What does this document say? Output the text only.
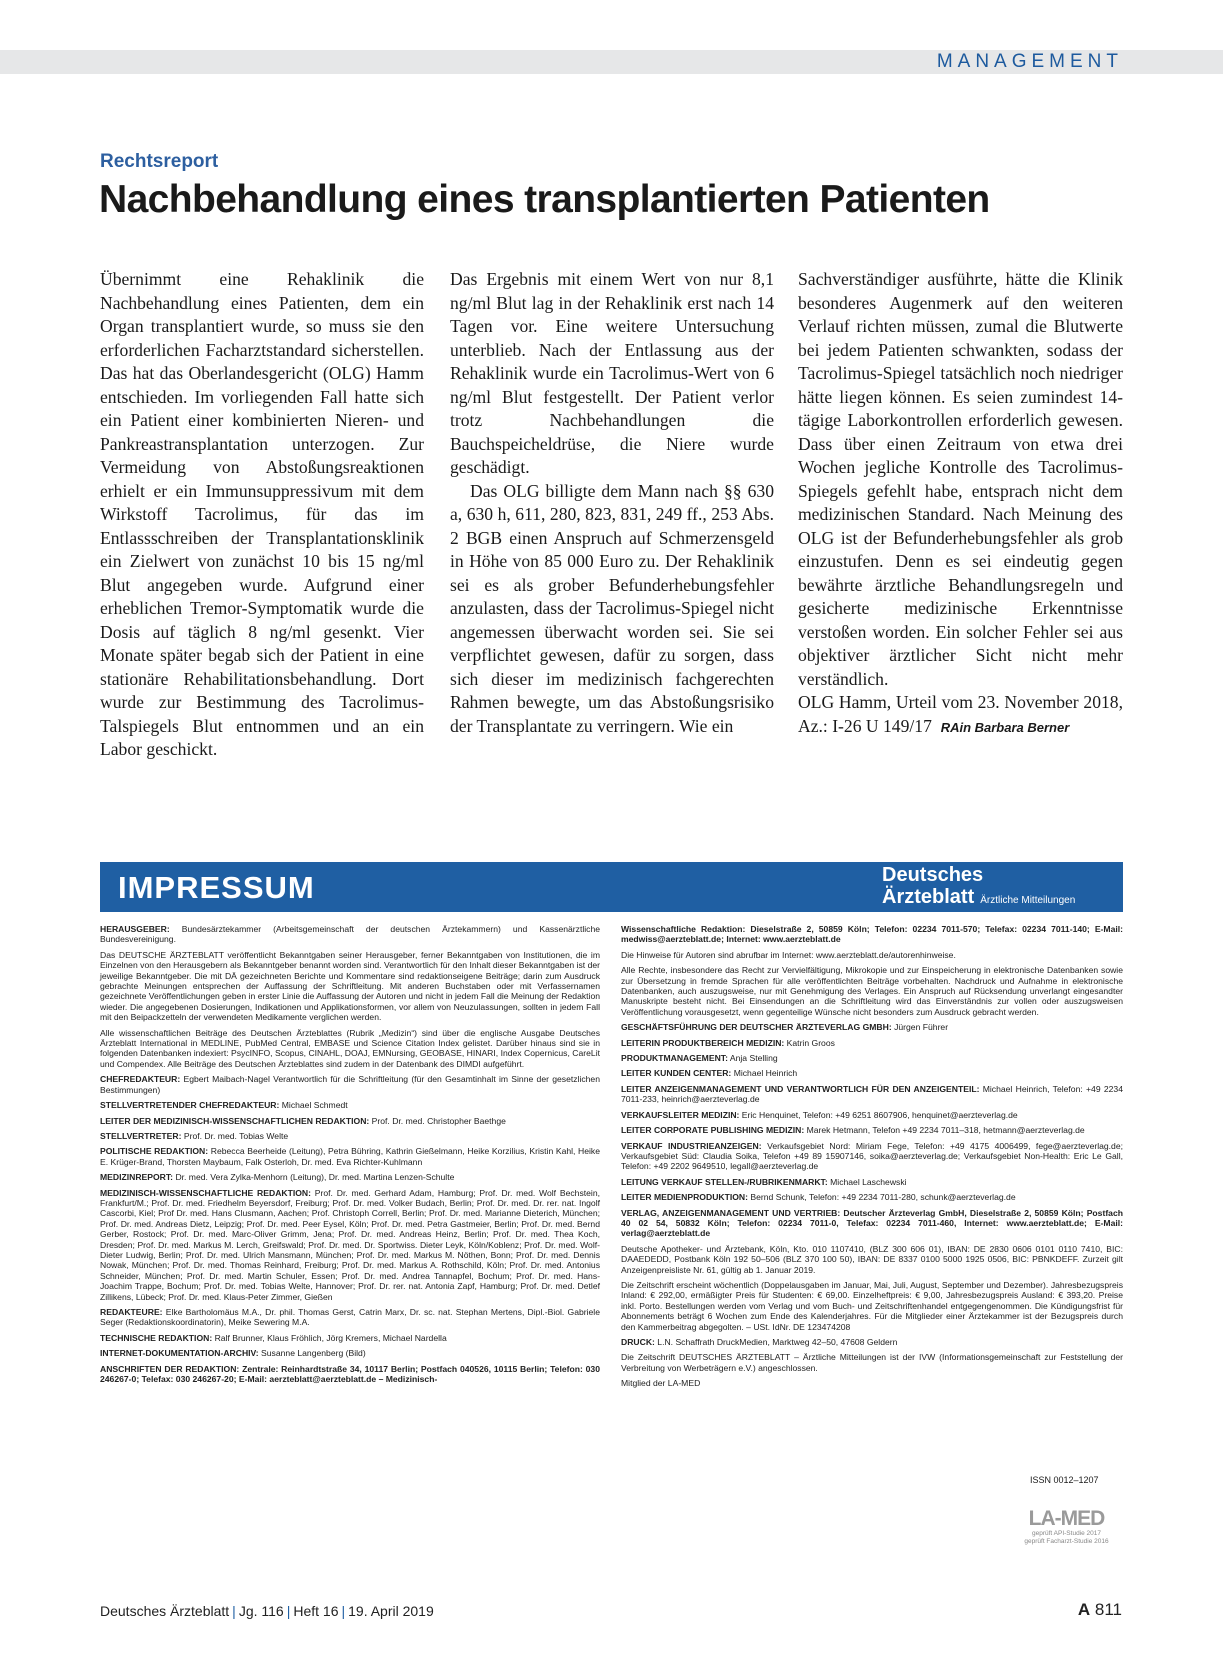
MANAGEMENT
Rechtsreport
Nachbehandlung eines transplantierten Patienten

Übernimmt eine Rehaklinik die Nachbehandlung eines Patienten, dem ein Organ transplantiert wurde, so muss sie den erforderlichen Facharztstandard sicherstellen. Das hat das Oberlandesgericht (OLG) Hamm entschieden. Im vorliegenden Fall hatte sich ein Patient einer kombinierten Nieren- und Pankreastransplantation unterzogen. Zur Vermeidung von Abstoßungsreaktionen erhielt er ein Immunsuppressivum mit dem Wirkstoff Tacrolimus, für das im Entlassschreiben der Transplantationsklinik ein Zielwert von zunächst 10 bis 15 ng/ml Blut angegeben wurde. Aufgrund einer erheblichen Tremor-Symptomatik wurde die Dosis auf täglich 8 ng/ml gesenkt. Vier Monate später begab sich der Patient in eine stationäre Rehabilitationsbehandlung. Dort wurde zur Bestimmung des Tacrolimus-Talspiegels Blut entnommen und an ein Labor geschickt.

Das Ergebnis mit einem Wert von nur 8,1 ng/ml Blut lag in der Rehaklinik erst nach 14 Tagen vor. Eine weitere Untersuchung unterblieb. Nach der Entlassung aus der Rehaklinik wurde ein Tacrolimus-Wert von 6 ng/ml Blut festgestellt. Der Patient verlor trotz Nachbehandlungen die Bauchspeicheldrüse, die Niere wurde geschädigt.

Das OLG billigte dem Mann nach §§ 630 a, 630 h, 611, 280, 823, 831, 249 ff., 253 Abs. 2 BGB einen Anspruch auf Schmerzensgeld in Höhe von 85 000 Euro zu. Der Rehaklinik sei es als grober Befunderhebungsfehler anzulasten, dass der Tacrolimus-Spiegel nicht angemessen überwacht worden sei. Sie sei verpflichtet gewesen, dafür zu sorgen, dass sich dieser im medizinisch fachgerechten Rahmen bewegte, um das Abstoßungsrisiko der Transplantate zu verringern. Wie ein

Sachverständiger ausführte, hätte die Klinik besonderes Augenmerk auf den weiteren Verlauf richten müssen, zumal die Blutwerte bei jedem Patienten schwankten, sodass der Tacrolimus-Spiegel tatsächlich noch niedriger hätte liegen können. Es seien zumindest 14-tägige Laborkontrollen erforderlich gewesen. Dass über einen Zeitraum von etwa drei Wochen jegliche Kontrolle des Tacrolimus-Spiegels gefehlt habe, entsprach nicht dem medizinischen Standard. Nach Meinung des OLG ist der Befunderhebungsfehler als grob einzustufen. Denn es sei eindeutig gegen bewährte ärztliche Behandlungsregeln und gesicherte medizinische Erkenntnisse verstoßen worden. Ein solcher Fehler sei aus objektiver ärztlicher Sicht nicht mehr verständlich.

OLG Hamm, Urteil vom 23. November 2018, Az.: I-26 U 149/17 RAin Barbara Berner

IMPRESSUM	Deutsches
Ärzteblatt Ärztliche Mitteilungen

HERAUSGEBER: Bundesärztekammer (Arbeitsgemeinschaft der deutschen Ärztekammern) und Kassenärztliche Bundesvereinigung.

Das DEUTSCHE ÄRZTEBLATT veröffentlicht Bekanntgaben seiner Herausgeber, ferner Bekanntgaben von Institutionen, die im Einzelnen von den Herausgebern als Bekanntgeber benannt worden sind. Verantwortlich für den Inhalt dieser Bekanntgaben ist der jeweilige Bekanntgeber. Die mit DÄ gezeichneten Berichte und Kommentare sind redaktionseigene Beiträge; darin zum Ausdruck gebrachte Meinungen entsprechen der Auffassung der Schriftleitung. Mit anderen Buchstaben oder mit Verfassernamen gezeichnete Veröffentlichungen geben in erster Linie die Auffassung der Autoren und nicht in jedem Fall die Meinung der Redaktion wieder. Die angegebenen Dosierungen, Indikationen und Applikationsformen, vor allem von Neuzulassungen, sollten in jedem Fall mit den Beipackzetteln der verwendeten Medikamente verglichen werden.

Alle wissenschaftlichen Beiträge des Deutschen Ärzteblattes (Rubrik „Medizin“) sind über die englische Ausgabe Deutsches Ärzteblatt International in MEDLINE, PubMed Central, EMBASE und Science Citation Index gelistet. Darüber hinaus sind sie in folgenden Datenbanken indexiert: PsycINFO, Scopus, CINAHL, DOAJ, EMNursing, GEOBASE, HINARI, Index Copernicus, CareLit und Compendex. Alle Beiträge des Deutschen Ärzteblattes sind zudem in der Datenbank des DIMDI aufgeführt.

CHEFREDAKTEUR: Egbert Maibach-Nagel Verantwortlich für die Schriftleitung (für den Gesamtinhalt im Sinne der gesetzlichen Bestimmungen)

STELLVERTRETENDER CHEFREDAKTEUR: Michael Schmedt

LEITER DER MEDIZINISCH-WISSENSCHAFTLICHEN REDAKTION: Prof. Dr. med. Christopher Baethge

STELLVERTRETER: Prof. Dr. med. Tobias Welte

POLITISCHE REDAKTION: Rebecca Beerheide (Leitung), Petra Bühring, Kathrin Gießelmann, Heike Korzilius, Kristin Kahl, Heike E. Krüger-Brand, Thorsten Maybaum, Falk Osterloh, Dr. med. Eva Richter-Kuhlmann

MEDIZINREPORT: Dr. med. Vera Zylka-Menhorn (Leitung), Dr. med. Martina Lenzen-Schulte

MEDIZINISCH-WISSENSCHAFTLICHE REDAKTION: Prof. Dr. med. Gerhard Adam, Hamburg; Prof. Dr. med. Wolf Bechstein, Frankfurt/M.; Prof. Dr. med. Friedhelm Beyersdorf, Freiburg; Prof. Dr. med. Volker Budach, Berlin; Prof. Dr. med. Dr. rer. nat. Ingolf Cascorbi, Kiel; Prof Dr. med. Hans Clusmann, Aachen; Prof. Christoph Correll, Berlin; Prof. Dr. med. Marianne Dieterich, München; Prof. Dr. med. Andreas Dietz, Leipzig; Prof. Dr. med. Peer Eysel, Köln; Prof. Dr. med. Petra Gastmeier, Berlin; Prof. Dr. med. Bernd Gerber, Rostock; Prof. Dr. med. Marc-Oliver Grimm, Jena; Prof. Dr. med. Andreas Heinz, Berlin; Prof. Dr. med. Thea Koch, Dresden; Prof. Dr. med. Markus M. Lerch, Greifswald; Prof. Dr. med. Dr. Sportwiss. Dieter Leyk, Köln/Koblenz; Prof. Dr. med. Wolf-Dieter Ludwig, Berlin; Prof. Dr. med. Ulrich Mansmann, München; Prof. Dr. med. Markus M. Nöthen, Bonn; Prof. Dr. med. Dennis Nowak, München; Prof. Dr. med. Thomas Reinhard, Freiburg; Prof. Dr. med. Markus A. Rothschild, Köln; Prof. Dr. med. Antonius Schneider, München; Prof. Dr. med. Martin Schuler, Essen; Prof. Dr. med. Andrea Tannapfel, Bochum; Prof. Dr. med. Hans-Joachim Trappe, Bochum; Prof. Dr. med. Tobias Welte, Hannover; Prof. Dr. rer. nat. Antonia Zapf, Hamburg; Prof. Dr. med. Detlef Zillikens, Lübeck; Prof. Dr. med. Klaus-Peter Zimmer, Gießen

REDAKTEURE: Elke Bartholomäus M.A., Dr. phil. Thomas Gerst, Catrin Marx, Dr. sc. nat. Stephan Mertens, Dipl.-Biol. Gabriele Seger (Redaktionskoordinatorin), Meike Sewering M.A.

TECHNISCHE REDAKTION: Ralf Brunner, Klaus Fröhlich, Jörg Kremers, Michael Nardella

INTERNET-DOKUMENTATION-ARCHIV: Susanne Langenberg (Bild)

ANSCHRIFTEN DER REDAKTION: Zentrale: Reinhardtstraße 34, 10117 Berlin; Postfach 040526, 10115 Berlin; Telefon: 030 246267-0; Telefax: 030 246267-20; E-Mail: aerzteblatt@aerzteblatt.de – Medizinisch-

Wissenschaftliche Redaktion: Dieselstraße 2, 50859 Köln; Telefon: 02234 7011-570; Telefax: 02234 7011-140; E-Mail: medwiss@aerzteblatt.de; Internet: www.aerzteblatt.de

Die Hinweise für Autoren sind abrufbar im Internet: www.aerzteblatt.de/autorenhinweise.

Alle Rechte, insbesondere das Recht zur Vervielfältigung, Mikrokopie und zur Einspeicherung in elektronische Datenbanken sowie zur Übersetzung in fremde Sprachen für alle veröffentlichten Beiträge vorbehalten. Nachdruck und Aufnahme in elektronische Datenbanken, auch auszugsweise, nur mit Genehmigung des Verlages. Ein Anspruch auf Rücksendung unverlangt eingesandter Manuskripte besteht nicht. Bei Einsendungen an die Schriftleitung wird das Einverständnis zur vollen oder auszugsweisen Veröffentlichung vorausgesetzt, wenn gegenteilige Wünsche nicht besonders zum Ausdruck gebracht werden.

GESCHÄFTSFÜHRUNG DER DEUTSCHER ÄRZTEVERLAG GMBH: Jürgen Führer

LEITERIN PRODUKTBEREICH MEDIZIN: Katrin Groos

PRODUKTMANAGEMENT: Anja Stelling

LEITER KUNDEN CENTER: Michael Heinrich

LEITER ANZEIGENMANAGEMENT UND VERANTWORTLICH FÜR DEN ANZEIGENTEIL: Michael Heinrich, Telefon: +49 2234 7011-233, heinrich@aerzteverlag.de

VERKAUFSLEITER MEDIZIN: Eric Henquinet, Telefon: +49 6251 8607906, henquinet@aerzteverlag.de

LEITER CORPORATE PUBLISHING MEDIZIN: Marek Hetmann, Telefon +49 2234 7011–318, hetmann@aerzteverlag.de

VERKAUF INDUSTRIEANZEIGEN: Verkaufsgebiet Nord: Miriam Fege, Telefon: +49 4175 4006499, fege@aerzteverlag.de; Verkaufsgebiet Süd: Claudia Soika, Telefon +49 89 15907146, soika@aerzteverlag.de; Verkaufsgebiet Non-Health: Eric Le Gall, Telefon: +49 2202 9649510, legall@aerzteverlag.de

LEITUNG VERKAUF STELLEN-/RUBRIKENMARKT: Michael Laschewski

LEITER MEDIENPRODUKTION: Bernd Schunk, Telefon: +49 2234 7011-280, schunk@aerzteverlag.de

VERLAG, ANZEIGENMANAGEMENT UND VERTRIEB: Deutscher Ärzteverlag GmbH, Dieselstraße 2, 50859 Köln; Postfach 40 02 54, 50832 Köln; Telefon: 02234 7011-0, Telefax: 02234 7011-460, Internet: www.aerzteblatt.de; E-Mail: verlag@aerzteblatt.de

Deutsche Apotheker- und Ärztebank, Köln, Kto. 010 1107410, (BLZ 300 606 01), IBAN: DE 2830 0606 0101 0110 7410, BIC: DAAEDEDD, Postbank Köln 192 50–506 (BLZ 370 100 50), IBAN: DE 8337 0100 5000 1925 0506, BIC: PBNKDEFF. Zurzeit gilt Anzeigenpreisliste Nr. 61, gültig ab 1. Januar 2019.

Die Zeitschrift erscheint wöchentlich (Doppelausgaben im Januar, Mai, Juli, August, September und Dezember). Jahresbezugspreis Inland: € 292,00, ermäßigter Preis für Studenten: € 69,00. Einzelheftpreis: € 9,00, Jahresbezugspreis Ausland: € 393,20. Preise inkl. Porto. Bestellungen werden vom Verlag und vom Buch- und Zeitschriftenhandel entgegengenommen. Die Kündigungsfrist für Abonnements beträgt 6 Wochen zum Ende des Kalenderjahres. Für die Mitglieder einer Ärztekammer ist der Bezugspreis durch den Kammerbeitrag abgegolten. – USt. IdNr. DE 123474208

DRUCK: L.N. Schaffrath DruckMedien, Marktweg 42–50, 47608 Geldern

Die Zeitschrift DEUTSCHES ÄRZTEBLATT – Ärztliche Mitteilungen ist der IVW (Informationsgemeinschaft zur Feststellung der Verbreitung von Werbeträgern e.V.) angeschlossen.

Mitglied der LA-MED

ISSN 0012–1207
LA-MED
geprüft API-Studie 2017
geprüft Facharzt-Studie 2016
Deutsches Ärzteblatt | Jg. 116 | Heft 16 | 19. April 2019	A 811
